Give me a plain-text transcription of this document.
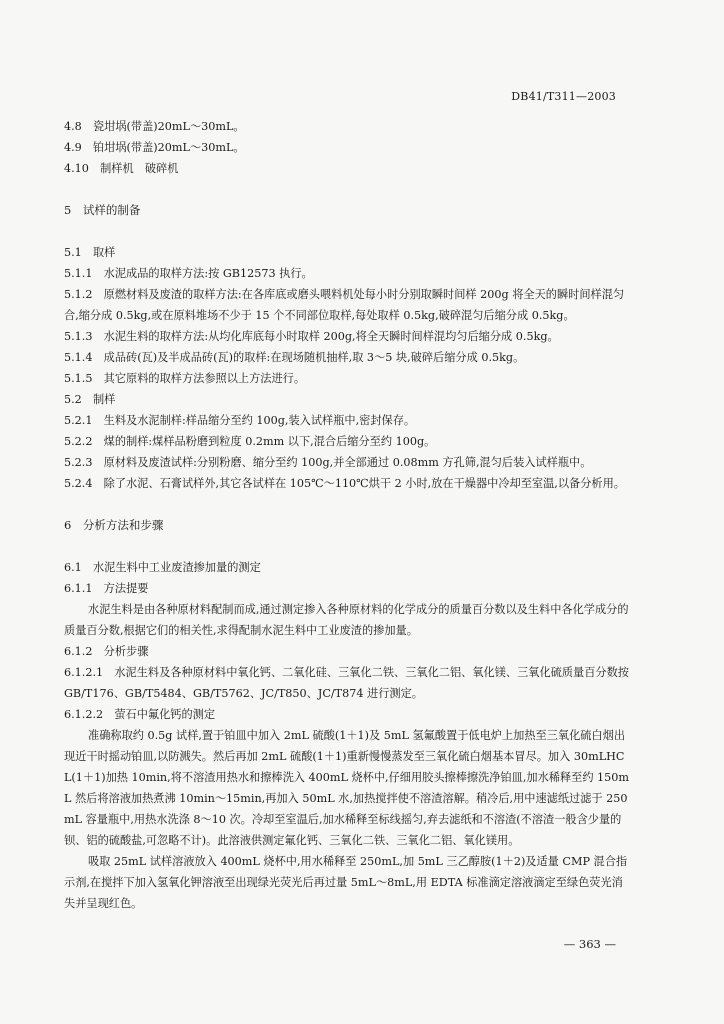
DB41/T311—2003

4.8　瓷坩埚(带盖)20mL～30mL。

4.9　铂坩埚(带盖)20mL～30mL。

4.10　制样机　破碎机

5　试样的制备

5.1　取样

5.1.1　水泥成品的取样方法:按 GB12573 执行。

5.1.2　原燃材料及废渣的取样方法:在各库底或磨头喂料机处每小时分别取瞬时间样 200g 将全天的瞬时间样混匀合,缩分成 0.5kg,或在原料堆场不少于 15 个不同部位取样,每处取样 0.5kg,破碎混匀后缩分成 0.5kg。

5.1.3　水泥生料的取样方法:从均化库底每小时取样 200g,将全天瞬时间样混均匀后缩分成 0.5kg。

5.1.4　成品砖(瓦)及半成品砖(瓦)的取样:在现场随机抽样,取 3～5 块,破碎后缩分成 0.5kg。

5.1.5　其它原料的取样方法参照以上方法进行。

5.2　制样

5.2.1　生料及水泥制样:样品缩分至约 100g,装入试样瓶中,密封保存。

5.2.2　煤的制样:煤样品粉磨到粒度 0.2mm 以下,混合后缩分至约 100g。

5.2.3　原材料及废渣试样:分别粉磨、缩分至约 100g,并全部通过 0.08mm 方孔筛,混匀后装入试样瓶中。

5.2.4　除了水泥、石膏试样外,其它各试样在 105℃～110℃烘干 2 小时,放在干燥器中冷却至室温,以备分析用。

6　分析方法和步骤

6.1　水泥生料中工业废渣掺加量的测定

6.1.1　方法提要

水泥生料是由各种原材料配制而成,通过测定掺入各种原材料的化学成分的质量百分数以及生料中各化学成分的质量百分数,根据它们的相关性,求得配制水泥生料中工业废渣的掺加量。

6.1.2　分析步骤

6.1.2.1　水泥生料及各种原材料中氧化钙、二氧化硅、三氧化二铁、三氧化二铝、氧化镁、三氧化硫质量百分数按 GB/T176、GB/T5484、GB/T5762、JC/T850、JC/T874 进行测定。

6.1.2.2　萤石中氟化钙的测定

准确称取约 0.5g 试样,置于铂皿中加入 2mL 硫酸(1＋1)及 5mL 氢氟酸置于低电炉上加热至三氧化硫白烟出现近干时摇动铂皿,以防溅失。然后再加 2mL 硫酸(1＋1)重新慢慢蒸发至三氧化硫白烟基本冒尽。加入 30mLHCL(1＋1)加热 10min,将不溶渣用热水和擦棒洗入 400mL 烧杯中,仔细用胶头擦棒擦洗净铂皿,加水稀释至约 150mL 然后将溶液加热煮沸 10min～15min,再加入 50mL 水,加热搅拌使不溶渣溶解。稍冷后,用中速滤纸过滤于 250mL 容量瓶中,用热水洗涤 8～10 次。冷却至室温后,加水稀释至标线摇匀,弃去滤纸和不溶渣(不溶渣一般含少量的钡、铝的硫酸盐,可忽略不计)。此溶液供测定氟化钙、三氧化二铁、三氧化二铝、氧化镁用。

吸取 25mL 试样溶液放入 400mL 烧杯中,用水稀释至 250mL,加 5mL 三乙醇胺(1＋2)及适量 CMP 混合指示剂,在搅拌下加入氢氧化钾溶液至出现绿光荧光后再过量 5mL～8mL,用 EDTA 标准滴定溶液滴定至绿色荧光消失并呈现红色。

— 363 —
